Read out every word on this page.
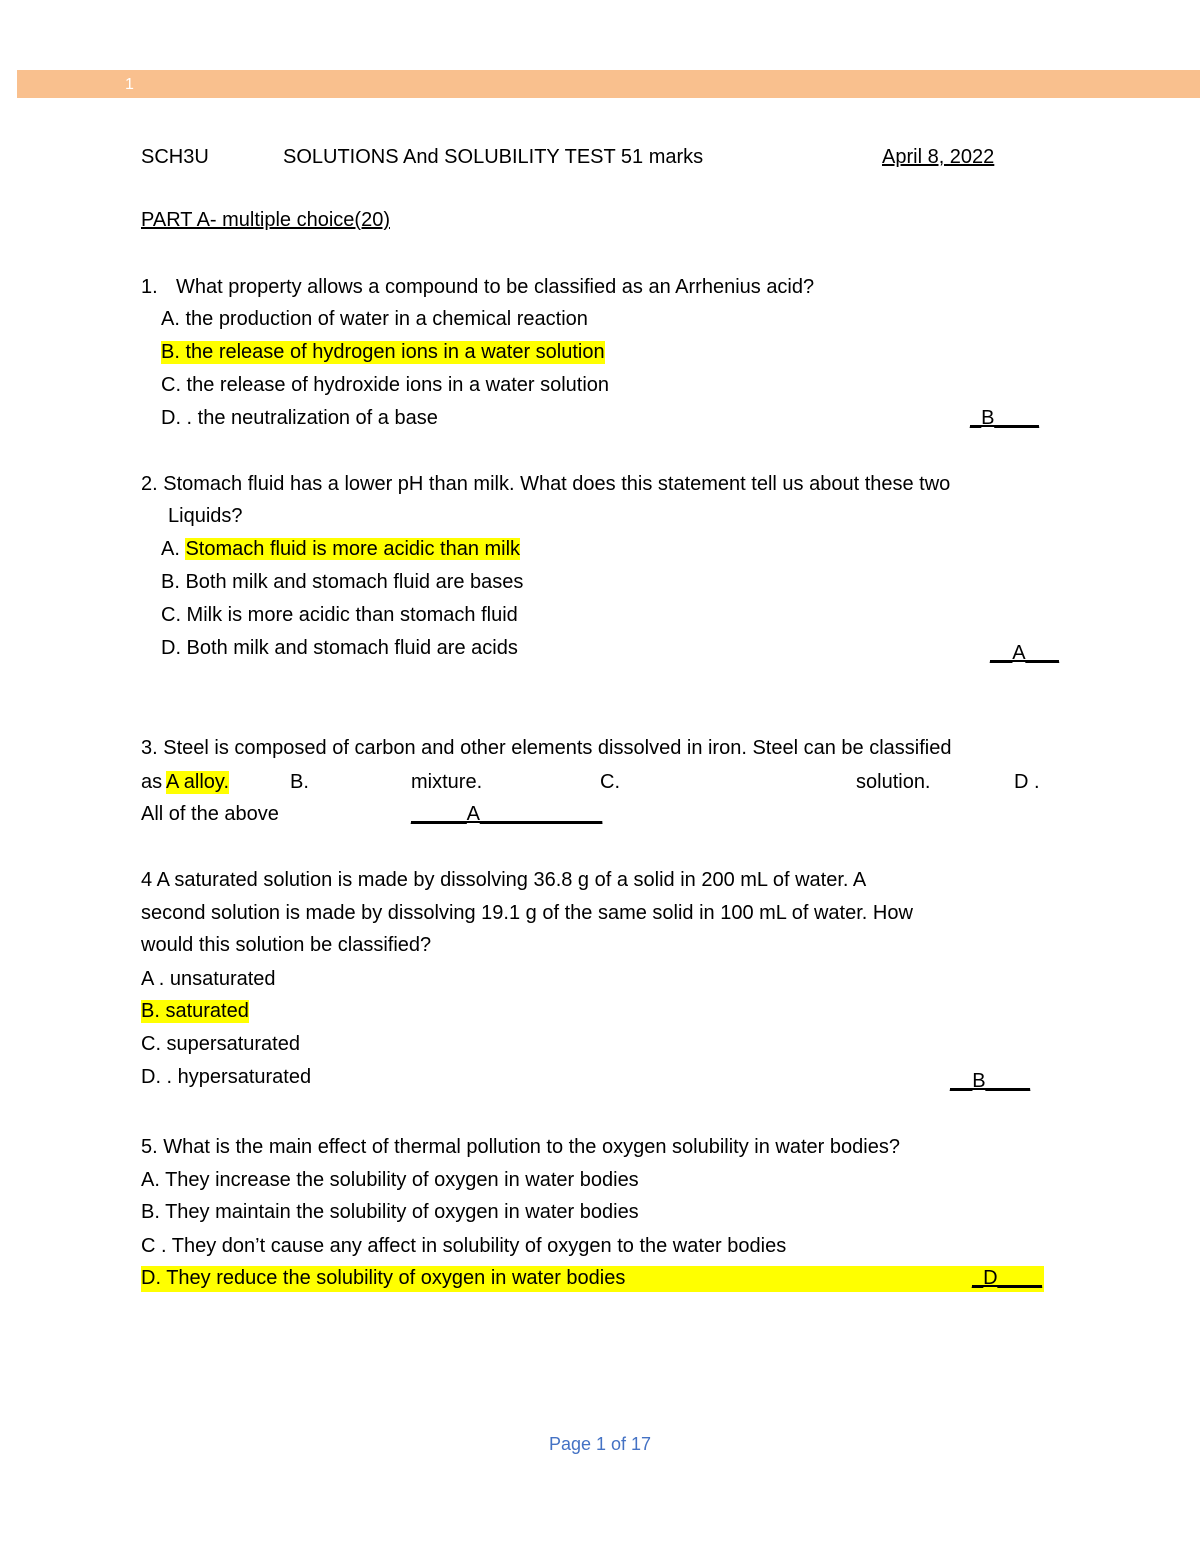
1
SCH3U	SOLUTIONS And SOLUBILITY TEST 51 marks	April 8, 2022
PART A- multiple choice(20)
1. What property allows a compound to be classified as an Arrhenius acid?
A. the production of water in a chemical reaction
B. the release of hydrogen ions in a water solution
C. the release of hydroxide ions in a water solution
D. . the neutralization of a base	_B____
2. Stomach fluid has a lower pH than milk. What does this statement tell us about these two
Liquids?
A. Stomach fluid is more acidic than milk
B. Both milk and stomach fluid are bases
C. Milk is more acidic than stomach fluid
D. Both milk and stomach fluid are acids	__A___
3. Steel is composed of carbon and other elements dissolved in iron. Steel can be classified
as A alloy.	B.	mixture.	C.	solution.	D .
All of the above	_____A___________
4 A saturated solution is made by dissolving 36.8 g of a solid in 200 mL of water. A
second solution is made by dissolving 19.1 g of the same solid in 100 mL of water. How
would this solution be classified?
A . unsaturated
B. saturated
C. supersaturated
D. . hypersaturated	__B____
5. What is the main effect of thermal pollution to the oxygen solubility in water bodies?
A. They increase the solubility of oxygen in water bodies
B. They maintain the solubility of oxygen in water bodies
C . They don’t cause any affect in solubility of oxygen to the water bodies
D. They reduce the solubility of oxygen in water bodies	_D____
Page 1 of 17
